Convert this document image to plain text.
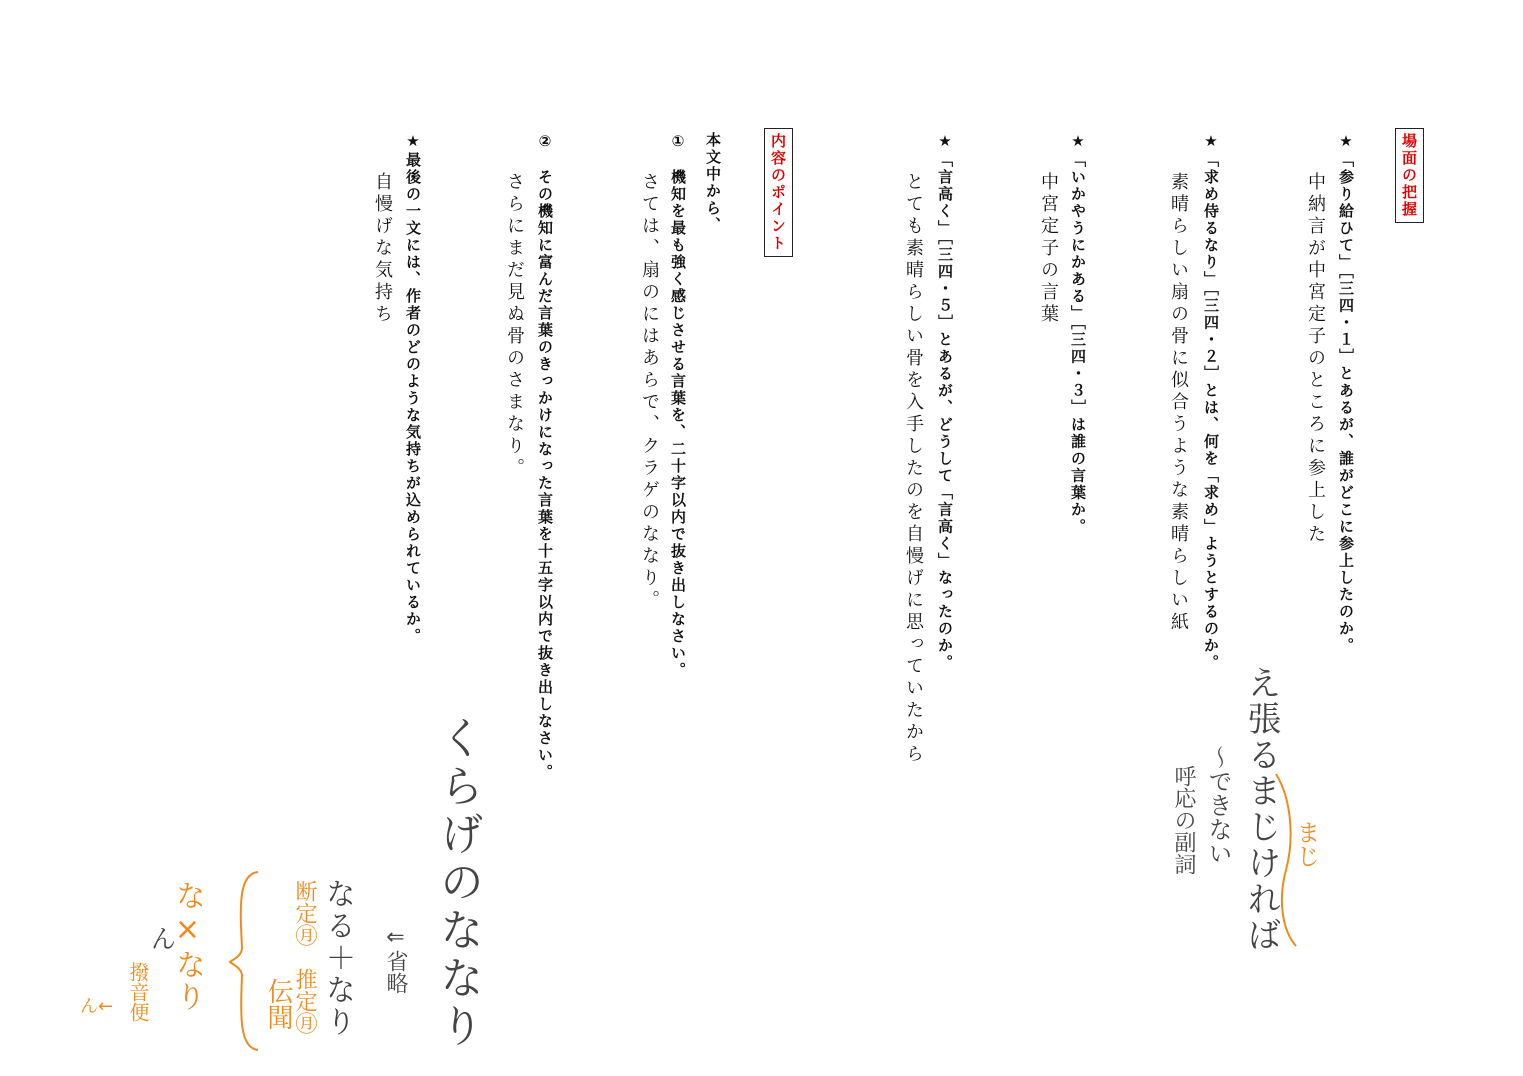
場面の把握
★「参り給ひて」［三四・１］とあるが、誰がどこに参上したのか。
中納言が中宮定子のところに参上した
★「求め侍るなり」［三四・２］とは、何を「求め」ようとするのか。
素晴らしい扇の骨に似合うような素晴らしい紙
★「いかやうにかある」［三四・３］は誰の言葉か。
中宮定子の言葉
★「言高く」［三四・５］とあるが、どうして「言高く」なったのか。
とても素晴らしい骨を入手したのを自慢げに思っていたから
内容のポイント
本文中から、
①　機知を最も強く感じさせる言葉を、二十字以内で抜き出しなさい。
さては、扇のにはあらで、クラゲのななり。
②　その機知に富んだ言葉のきっかけになった言葉を十五字以内で抜き出しなさい。
さらにまだ見ぬ骨のさまなり。
★最後の一文には、作者のどのような気持ちが込められているか。
自慢げな気持ち
え張るまじければ まじ
〜できない
呼応の副詞
くらげのななり
⇐省略
なる＋なり
断定㊊
推定㊊
伝聞
な×なり
ん
撥音便
ん←
